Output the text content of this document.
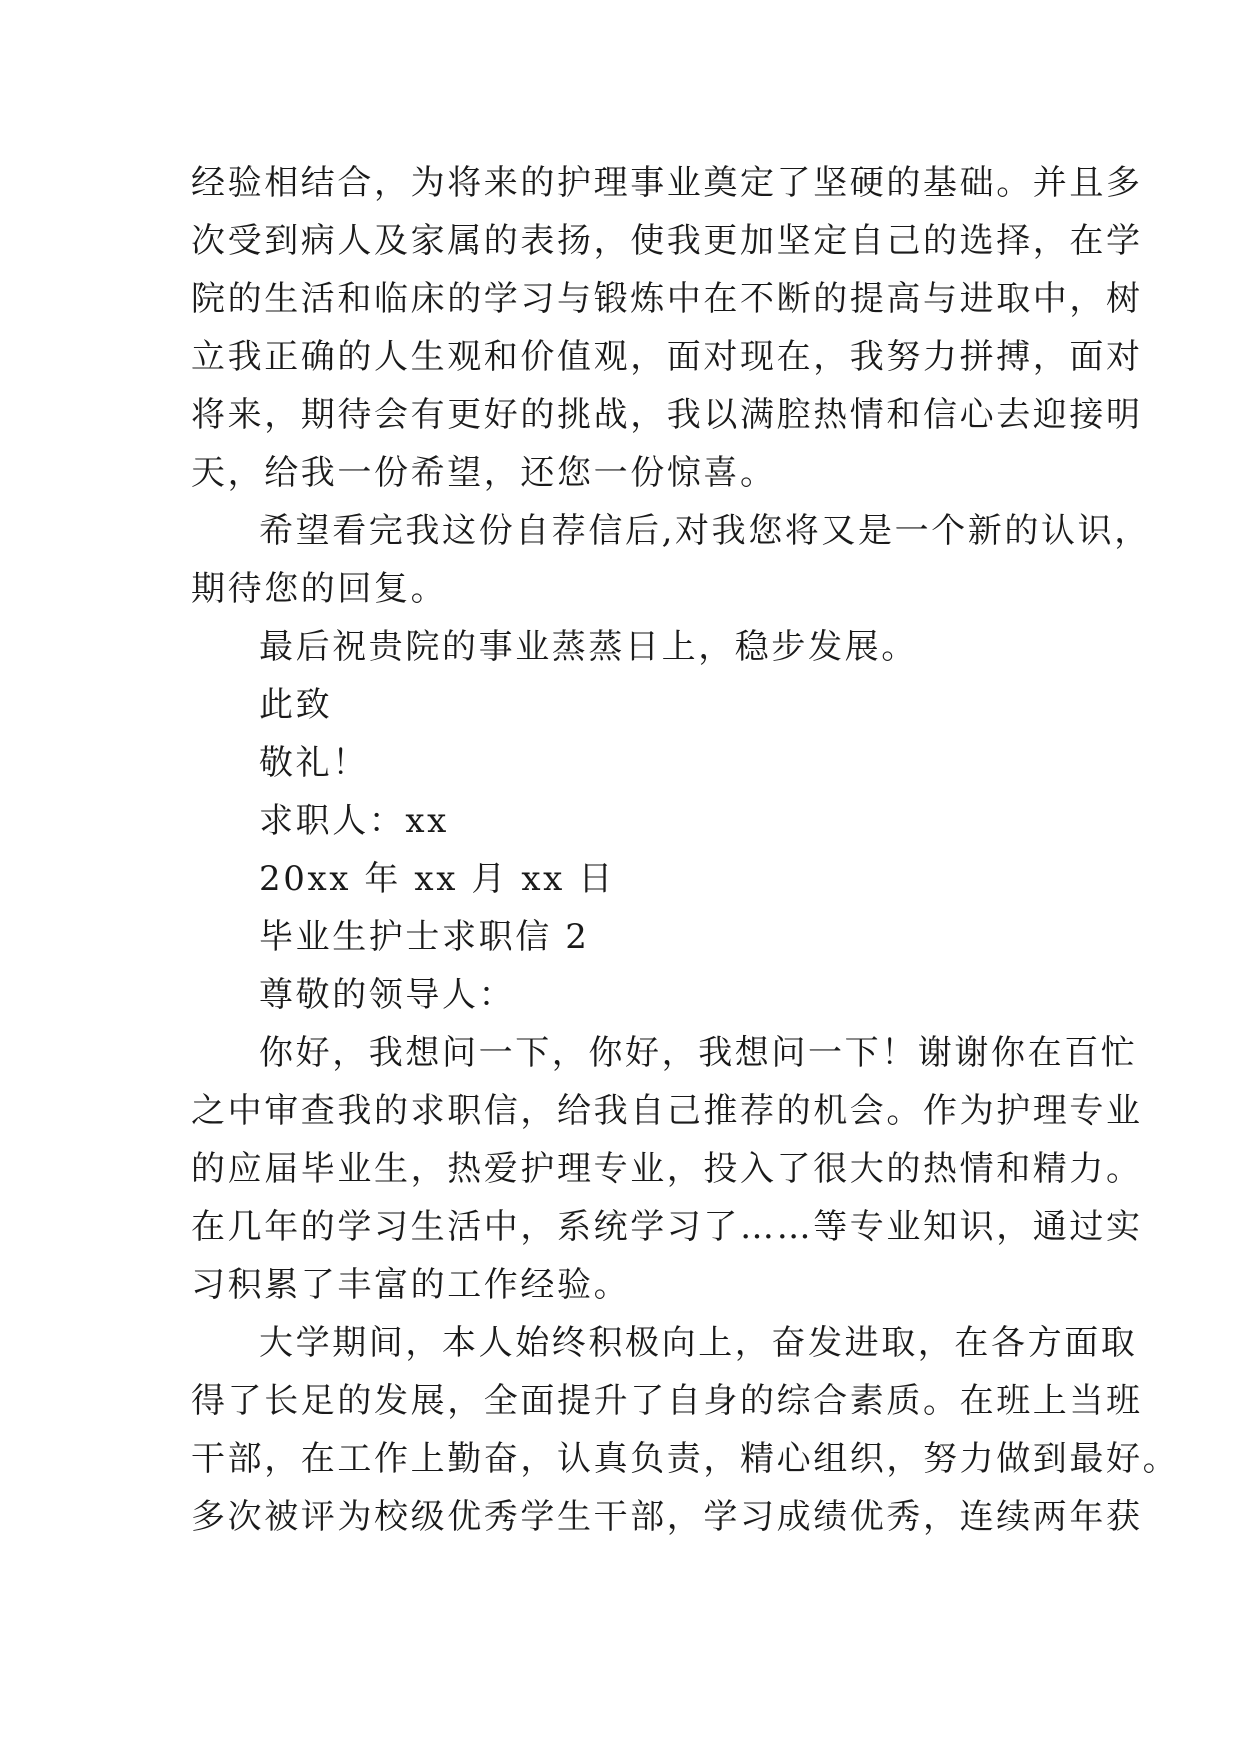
经验相结合，为将来的护理事业奠定了坚硬的基础。并且多
次受到病人及家属的表扬，使我更加坚定自己的选择，在学
院的生活和临床的学习与锻炼中在不断的提高与进取中，树
立我正确的人生观和价值观，面对现在，我努力拼搏，面对
将来，期待会有更好的挑战，我以满腔热情和信心去迎接明
天，给我一份希望，还您一份惊喜。
希望看完我这份自荐信后,对我您将又是一个新的认识，
期待您的回复。
最后祝贵院的事业蒸蒸日上，稳步发展。
此致
敬礼！
求职人：xx
20xx 年 xx 月 xx 日
毕业生护士求职信 2
尊敬的领导人：
你好，我想问一下，你好，我想问一下！谢谢你在百忙
之中审查我的求职信，给我自己推荐的机会。作为护理专业
的应届毕业生，热爱护理专业，投入了很大的热情和精力。
在几年的学习生活中，系统学习了……等专业知识，通过实
习积累了丰富的工作经验。
大学期间，本人始终积极向上，奋发进取，在各方面取
得了长足的发展，全面提升了自身的综合素质。在班上当班
干部，在工作上勤奋，认真负责，精心组织，努力做到最好。
多次被评为校级优秀学生干部，学习成绩优秀，连续两年获
